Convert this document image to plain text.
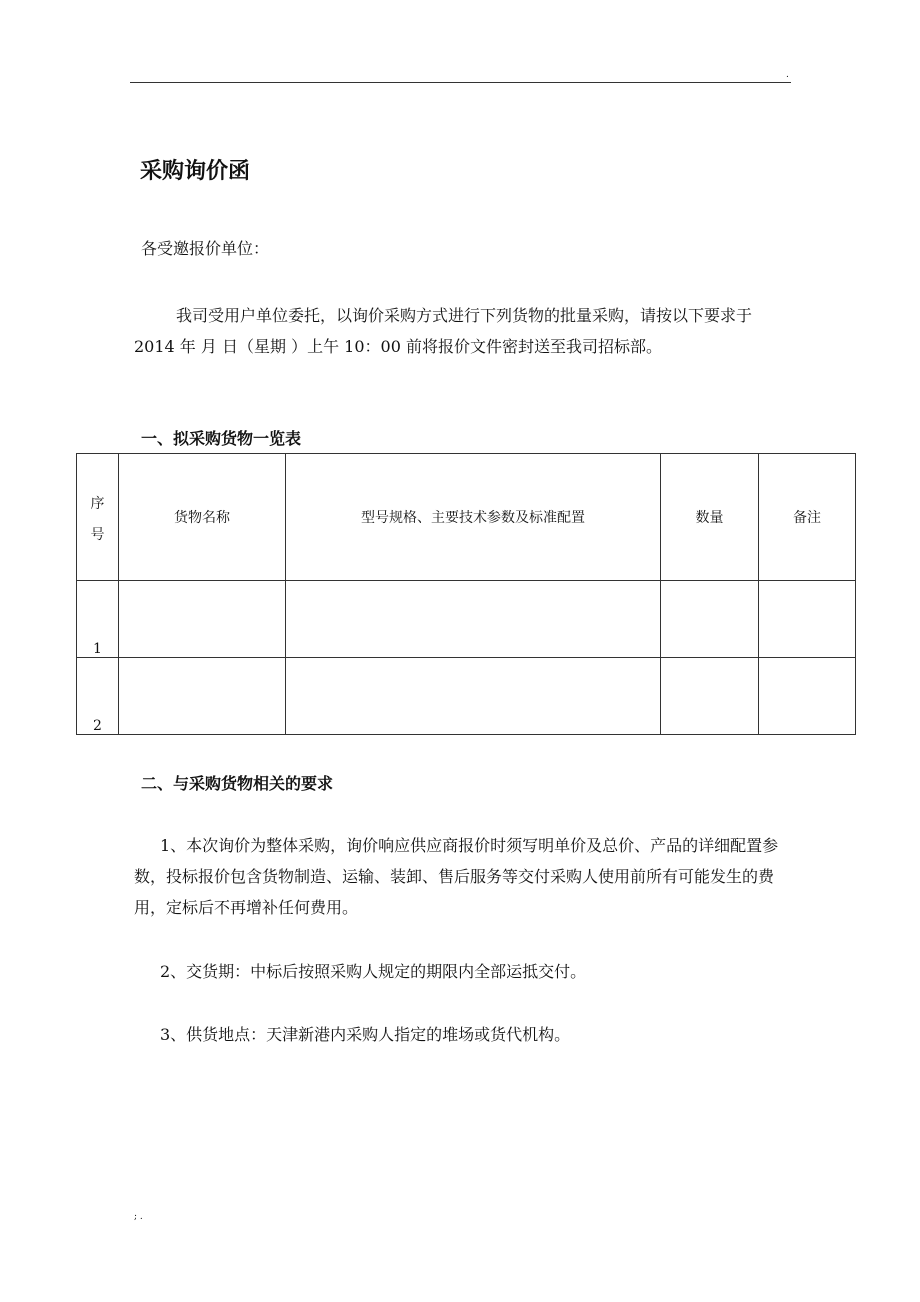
.
采购询价函
各受邀报价单位：

我司受用户单位委托，以询价采购方式进行下列货物的批量采购，请按以下要求于 2014 年 月 日（星期 ）上午 10：00 前将报价文件密封送至我司招标部。

一、拟采购货物一览表
序号	货物名称	型号规格、主要技术参数及标准配置	数量	备注
1				
2				
二、与采购货物相关的要求

1、本次询价为整体采购，询价响应供应商报价时须写明单价及总价、产品的详细配置参数，投标报价包含货物制造、运输、装卸、售后服务等交付采购人使用前所有可能发生的费用，定标后不再增补任何费用。

2、交货期：中标后按照采购人规定的期限内全部运抵交付。

3、供货地点：天津新港内采购人指定的堆场或货代机构。

; .
